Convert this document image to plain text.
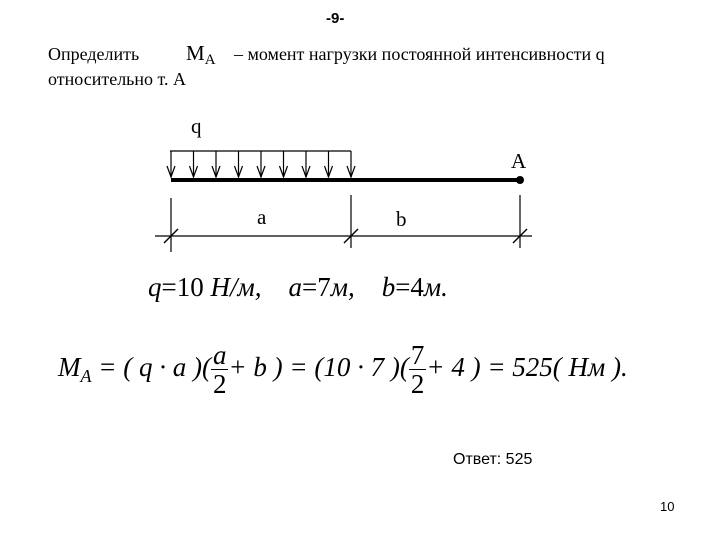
-9-
Определить MA – момент нагрузки постоянной интенсивности q
относительно т. A
q
A
a	b
q=10 Н/м, a=7м, b=4м.
$M_A$ = ( q · a )( $\frac{a}{2} + b$ ) = (10 · 7 )( $\frac{7}{2} + 4$ ) = 525( Нм ).
Ответ: 525
10
